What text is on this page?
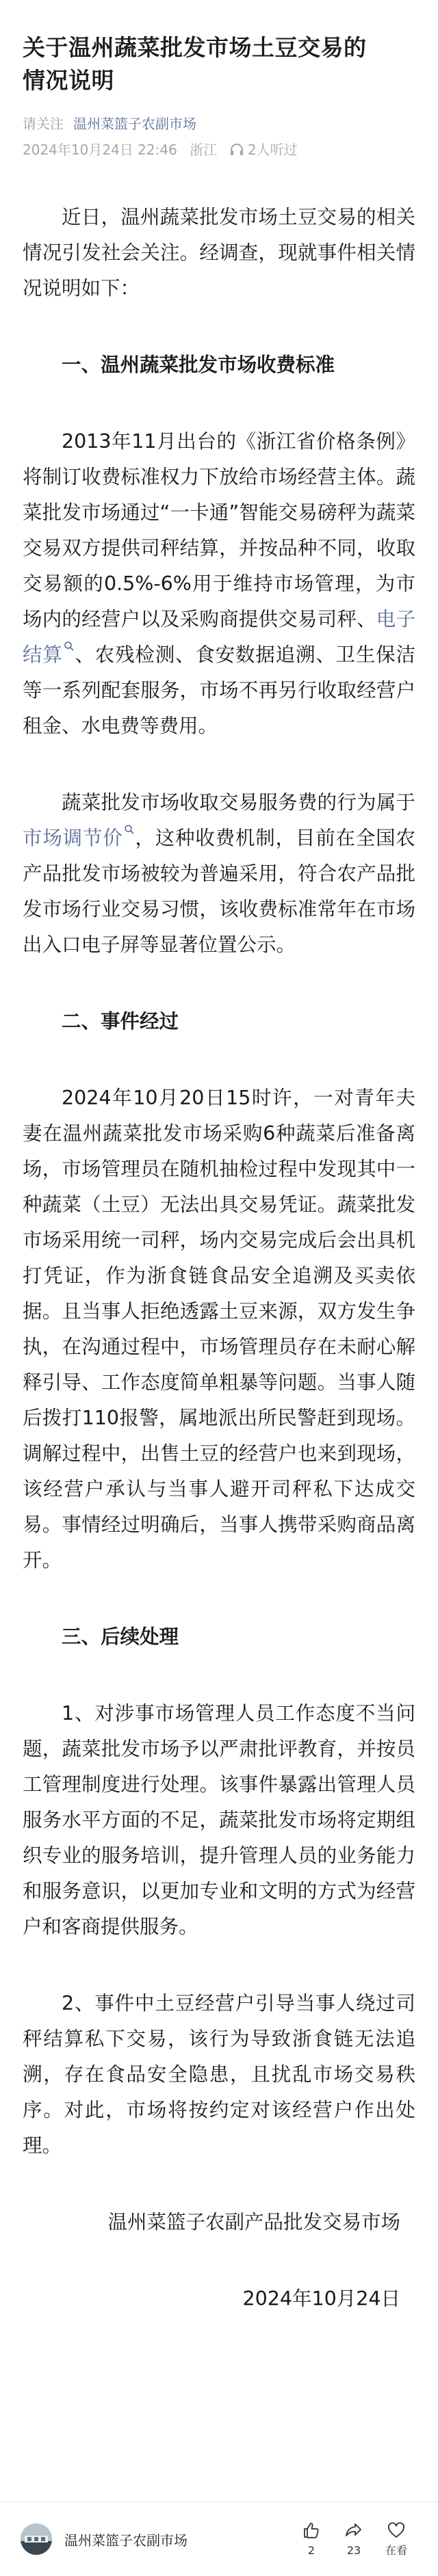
关于温州蔬菜批发市场土豆交易的
情况说明
请关注 温州菜篮子农副市场
2024年10月24日 22:46 浙江 2人听过

近日，温州蔬菜批发市场土豆交易的相关情况引发社会关注。经调查，现就事件相关情况说明如下：

一、温州蔬菜批发市场收费标准

2013年11月出台的《浙江省价格条例》将制订收费标准权力下放给市场经营主体。蔬菜批发市场通过“一卡通”智能交易磅秤为蔬菜交易双方提供司秤结算，并按品种不同，收取交易额的0.5%-6%用于维持市场管理，为市场内的经营户以及采购商提供交易司秤、电子结算 、农残检测、食安数据追溯、卫生保洁等一系列配套服务，市场不再另行收取经营户租金、水电费等费用。

蔬菜批发市场收取交易服务费的行为属于市场调节价 ，这种收费机制，目前在全国农产品批发市场被较为普遍采用，符合农产品批发市场行业交易习惯，该收费标准常年在市场出入口电子屏等显著位置公示。

二、事件经过

2024年10月20日15时许，一对青年夫妻在温州蔬菜批发市场采购6种蔬菜后准备离场，市场管理员在随机抽检过程中发现其中一种蔬菜（土豆）无法出具交易凭证。蔬菜批发市场采用统一司秤，场内交易完成后会出具机打凭证，作为浙食链食品安全追溯及买卖依据。且当事人拒绝透露土豆来源，双方发生争执，在沟通过程中，市场管理员存在未耐心解释引导、工作态度简单粗暴等问题。当事人随后拨打110报警，属地派出所民警赶到现场。调解过程中，出售土豆的经营户也来到现场，该经营户承认与当事人避开司秤私下达成交易。事情经过明确后，当事人携带采购商品离开。

三、后续处理

1、对涉事市场管理人员工作态度不当问题，蔬菜批发市场予以严肃批评教育，并按员工管理制度进行处理。该事件暴露出管理人员服务水平方面的不足，蔬菜批发市场将定期组织专业的服务培训，提升管理人员的业务能力和服务意识，以更加专业和文明的方式为经营户和客商提供服务。

2、事件中土豆经营户引导当事人绕过司秤结算私下交易，该行为导致浙食链无法追溯，存在食品安全隐患，且扰乱市场交易秩序。对此，市场将按约定对该经营户作出处理。

温州菜篮子农副产品批发交易市场

2024年10月24日

温州菜篮子农副市场
2	23 在看
